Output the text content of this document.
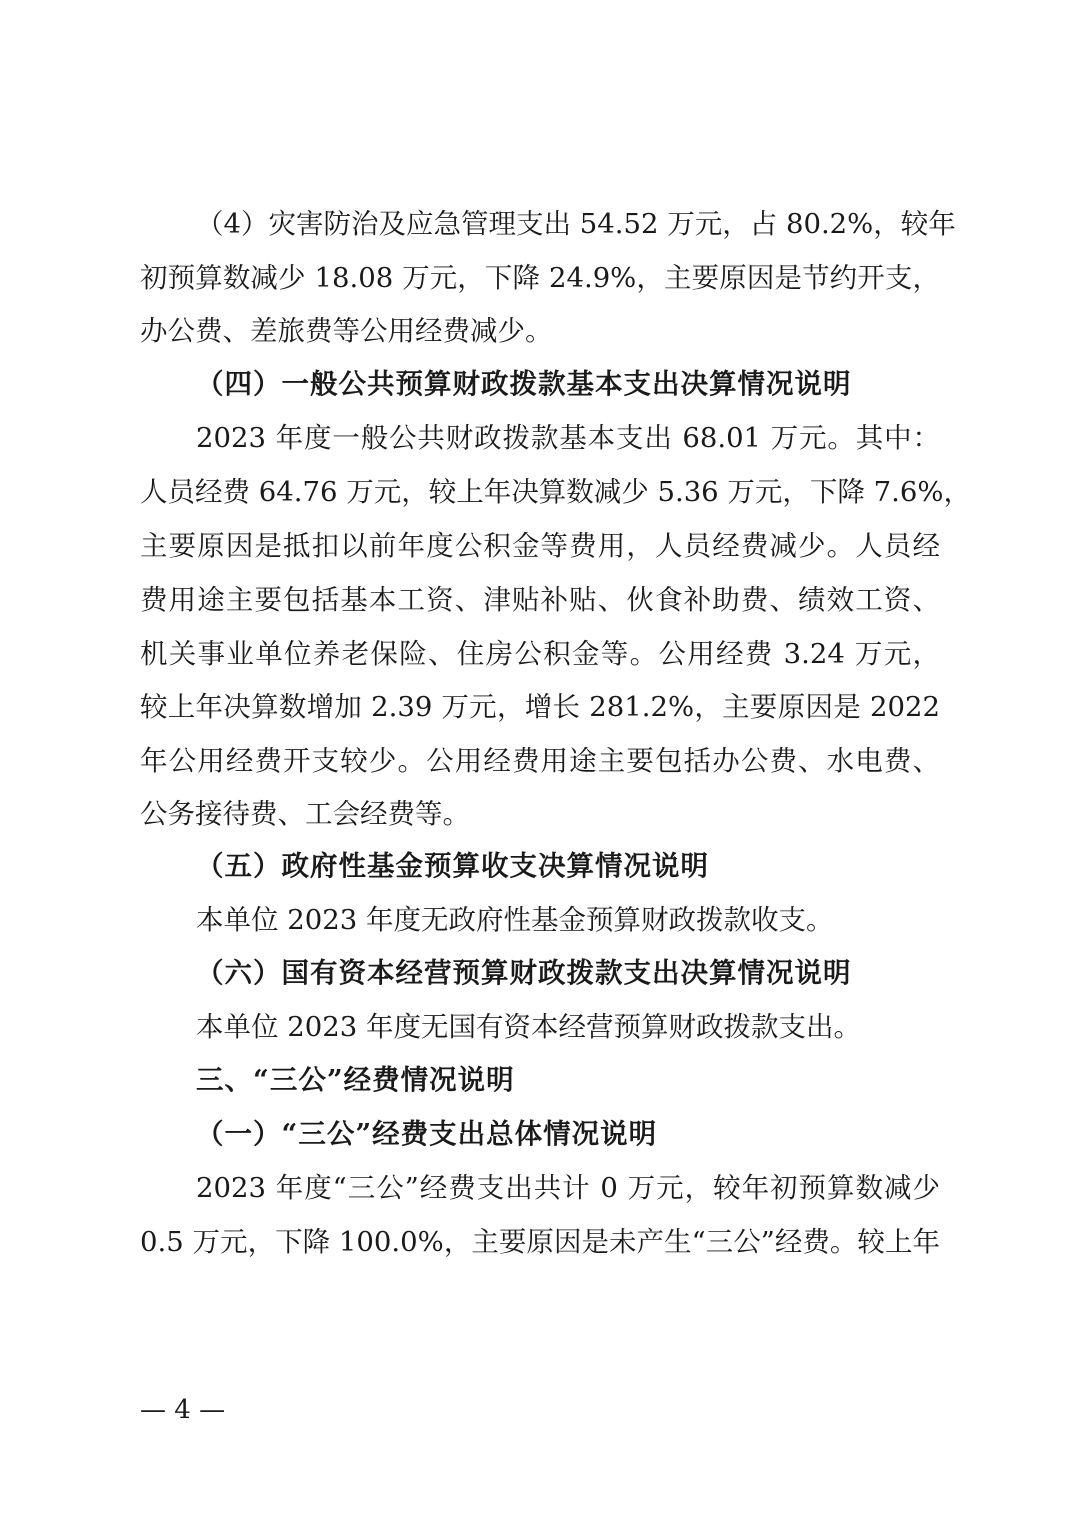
（4）灾害防治及应急管理支出 54.52 万元，占 80.2%，较年
初预算数减少 18.08 万元，下降 24.9%，主要原因是节约开支，
办公费、差旅费等公用经费减少。
（四）一般公共预算财政拨款基本支出决算情况说明
2023 年度一般公共财政拨款基本支出 68.01 万元。其中：
人员经费 64.76 万元，较上年决算数减少 5.36 万元，下降 7.6%，
主要原因是抵扣以前年度公积金等费用，人员经费减少。人员经
费用途主要包括基本工资、津贴补贴、伙食补助费、绩效工资、
机关事业单位养老保险、住房公积金等。公用经费 3.24 万元，
较上年决算数增加 2.39 万元，增长 281.2%，主要原因是 2022
年公用经费开支较少。公用经费用途主要包括办公费、水电费、
公务接待费、工会经费等。
（五）政府性基金预算收支决算情况说明
本单位 2023 年度无政府性基金预算财政拨款收支。
（六）国有资本经营预算财政拨款支出决算情况说明
本单位 2023 年度无国有资本经营预算财政拨款支出。
三、“三公”经费情况说明
（一）“三公”经费支出总体情况说明
2023 年度“三公”经费支出共计 0 万元，较年初预算数减少
0.5 万元，下降 100.0%，主要原因是未产生“三公”经费。较上年
— 4 —
